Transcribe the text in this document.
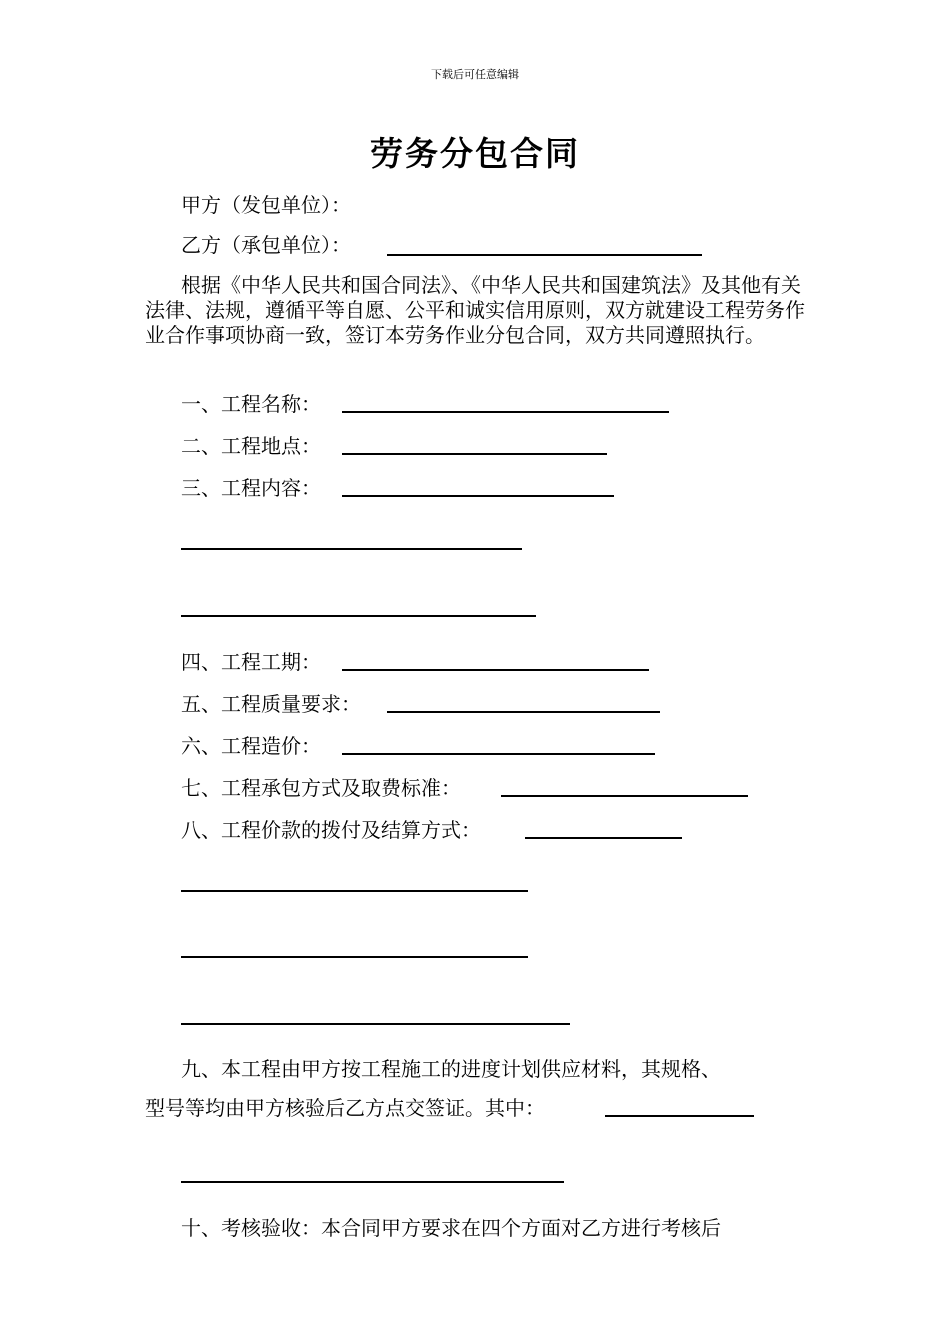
下载后可任意编辑
劳务分包合同
甲方（发包单位）：
乙方（承包单位）：
根据《中华人民共和国合同法》、《中华人民共和国建筑法》及其他有关法律、法规，遵循平等自愿、公平和诚实信用原则，双方就建设工程劳务作业合作事项协商一致，签订本劳务作业分包合同，双方共同遵照执行。
一、工程名称：
二、工程地点：
三、工程内容：
四、工程工期：
五、工程质量要求：
六、工程造价：
七、工程承包方式及取费标准：
八、工程价款的拨付及结算方式：
九、本工程由甲方按工程施工的进度计划供应材料，其规格、
型号等均由甲方核验后乙方点交签证。其中：
十、考核验收：本合同甲方要求在四个方面对乙方进行考核后
